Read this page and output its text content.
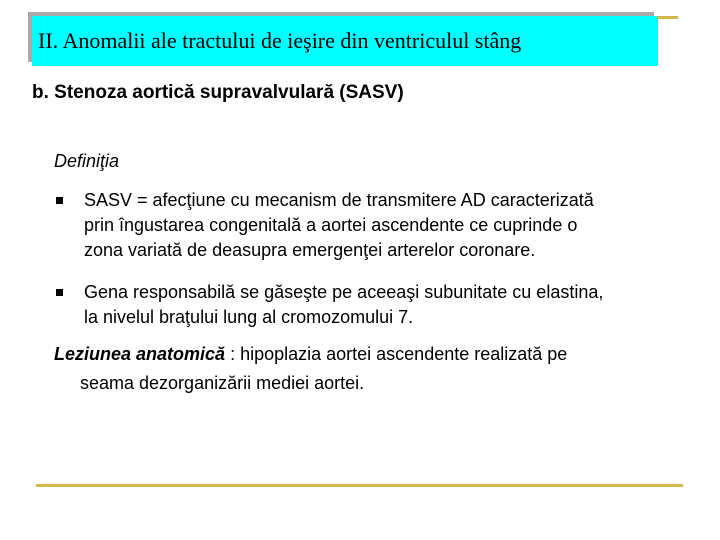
II. Anomalii ale tractului de ieşire din ventriculul stâng
b. Stenoza aortică supravalvulară (SASV)
Definiţia
SASV = afecţiune cu mecanism de transmitere AD caracterizată
prin îngustarea congenitală a aortei ascendente ce cuprinde o
zona variată de deasupra emergenţei arterelor coronare.
Gena responsabilă se găseşte pe aceeaşi subunitate cu elastina,
la nivelul braţului lung al cromozomului 7.
Leziunea anatomică : hipoplazia aortei ascendente realizată pe
seama dezorganizării mediei aortei.
